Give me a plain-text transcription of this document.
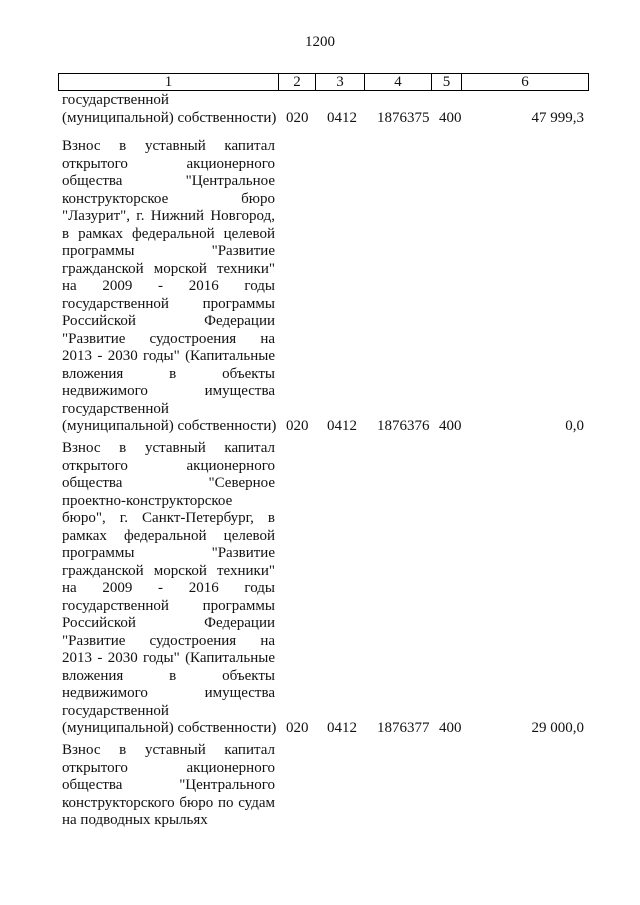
1200
1	2	3	4	5	6
государственной
(муниципальной) собственности) 020 0412 1876375 400	47 999,3
Взнос в уставный капитал
открытого акционерного
общества "Центральное
конструкторское бюро
"Лазурит", г. Нижний Новгород,
в рамках федеральной целевой
программы "Развитие
гражданской морской техники"
на 2009 - 2016 годы
государственной программы
Российской Федерации
"Развитие судостроения на
2013 - 2030 годы" (Капитальные
вложения в объекты
недвижимого имущества
государственной
(муниципальной) собственности) 020 0412 1876376 400	0,0
Взнос в уставный капитал
открытого акционерного
общества "Северное
проектно-конструкторское
бюро", г. Санкт-Петербург, в
рамках федеральной целевой
программы "Развитие
гражданской морской техники"
на 2009 - 2016 годы
государственной программы
Российской Федерации
"Развитие судостроения на
2013 - 2030 годы" (Капитальные
вложения в объекты
недвижимого имущества
государственной
(муниципальной) собственности) 020 0412 1876377 400	29 000,0
Взнос в уставный капитал
открытого акционерного
общества "Центрального
конструкторского бюро по судам
на подводных крыльях
